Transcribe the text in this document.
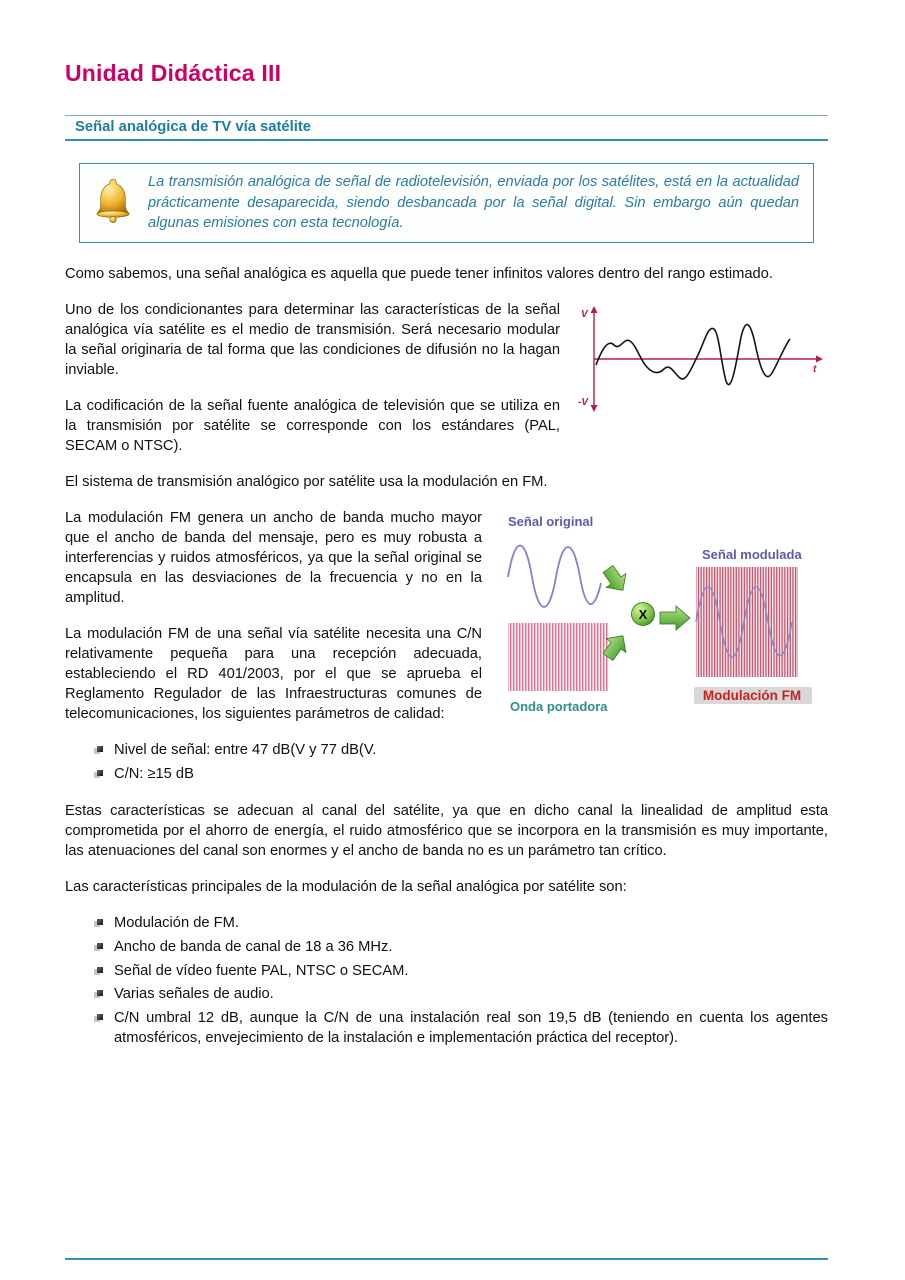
Unidad Didáctica III
Señal analógica de TV vía satélite

La transmisión analógica de señal de radiotelevisión, enviada por los satélites, está en la actualidad prácticamente desaparecida, siendo desbancada por la señal digital. Sin embargo aún quedan algunas emisiones con esta tecnología.

Como sabemos, una señal analógica es aquella que puede tener infinitos valores dentro del rango estimado.

V
-V
t

Uno de los condicionantes para determinar las características de la señal analógica vía satélite es el medio de transmisión. Será necesario modular la señal originaria de tal forma que las condiciones de difusión no la hagan inviable.

La codificación de la señal fuente analógica de televisión que se utiliza en la transmisión por satélite se corresponde con los estándares (PAL, SECAM o NTSC).

El sistema de transmisión analógico por satélite usa la modulación en FM.

Señal original
Onda portadora
X
Señal modulada
Modulación FM

La modulación FM genera un ancho de banda mucho mayor que el ancho de banda del mensaje, pero es muy robusta a interferencias y ruidos atmosféricos, ya que la señal original se encapsula en las desviaciones de la frecuencia y no en la amplitud.

La modulación FM de una señal vía satélite necesita una C/N relativamente pequeña para una recepción adecuada, estableciendo el RD 401/2003, por el que se aprueba el Reglamento Regulador de las Infraestructuras comunes de telecomunicaciones, los siguientes parámetros de calidad:

Nivel de señal: entre 47 dB(V y 77 dB(V.
C/N: ≥15 dB

Estas características se adecuan al canal del satélite, ya que en dicho canal la linealidad de amplitud esta comprometida por el ahorro de energía, el ruido atmosférico que se incorpora en la transmisión es muy importante, las atenuaciones del canal son enormes y el ancho de banda no es un parámetro tan crítico.

Las características principales de la modulación de la señal analógica por satélite son:

Modulación de FM.
Ancho de banda de canal de 18 a 36 MHz.
Señal de vídeo fuente PAL, NTSC o SECAM.
Varias señales de audio.
C/N umbral 12 dB, aunque la C/N de una instalación real son 19,5 dB (teniendo en cuenta los agentes atmosféricos, envejecimiento de la instalación e implementación práctica del receptor).
